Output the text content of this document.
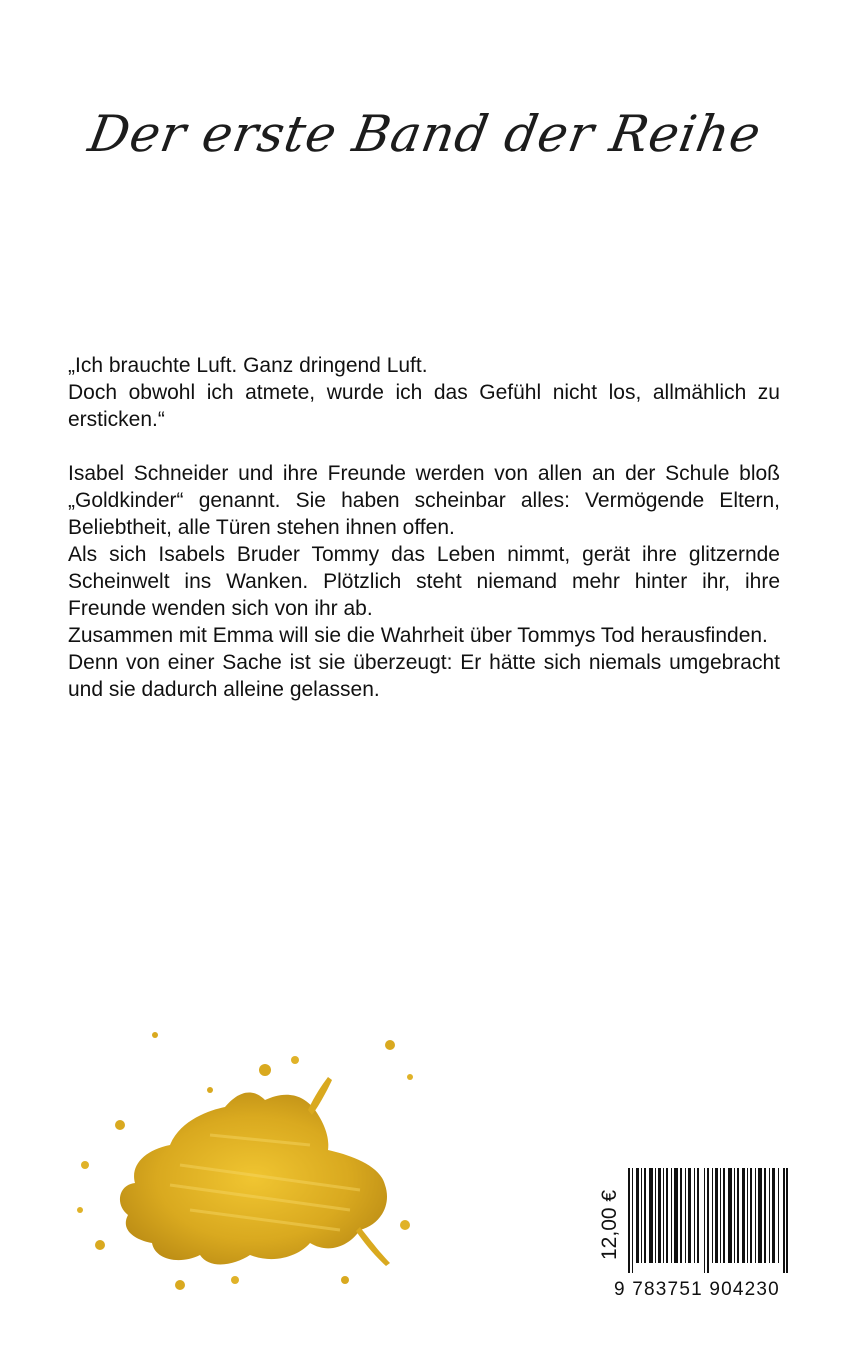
Der erste Band der Reihe

„Ich brauchte Luft. Ganz dringend Luft.

Doch obwohl ich atmete, wurde ich das Gefühl nicht los, allmählich zu ersticken.“

Isabel Schneider und ihre Freunde werden von allen an der Schule bloß „Goldkinder“ genannt. Sie haben scheinbar alles: Vermögende Eltern, Beliebtheit, alle Türen stehen ihnen offen.

Als sich Isabels Bruder Tommy das Leben nimmt, gerät ihre glitzernde Scheinwelt ins Wanken. Plötzlich steht niemand mehr hinter ihr, ihre Freunde wenden sich von ihr ab.

Zusammen mit Emma will sie die Wahrheit über Tommys Tod herausfinden.

Denn von einer Sache ist sie überzeugt: Er hätte sich niemals umgebracht und sie dadurch alleine gelassen.

12,00 €
9 783751 904230
